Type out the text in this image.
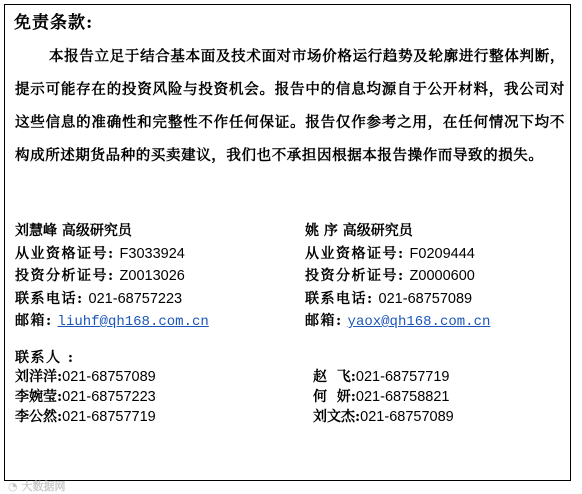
免责条款:

本报告立足于结合基本面及技术面对市场价格运行趋势及轮廓进行整体判断，提示可能存在的投资风险与投资机会。报告中的信息均源自于公开材料，我公司对这些信息的准确性和完整性不作任何保证。报告仅作参考之用，在任何情况下均不构成所述期货品种的买卖建议，我们也不承担因根据本报告操作而导致的损失。

刘慧峰 高级研究员
从业资格证号: F3033924
投资分析证号: Z0013026
联系电话: 021-68757223
邮箱: liuhf@qh168.com.cn
姚 序 高级研究员
从业资格证号: F0209444
投资分析证号: Z0000600
联系电话: 021-68757089
邮箱: yaox@qh168.com.cn
联系人 :
刘洋洋:021-68757089
李婉莹:021-68757223
李公然:021-68757719
赵  飞:021-68757719
何  妍:021-68758821
刘文杰:021-68757089
◔ 大数据网
